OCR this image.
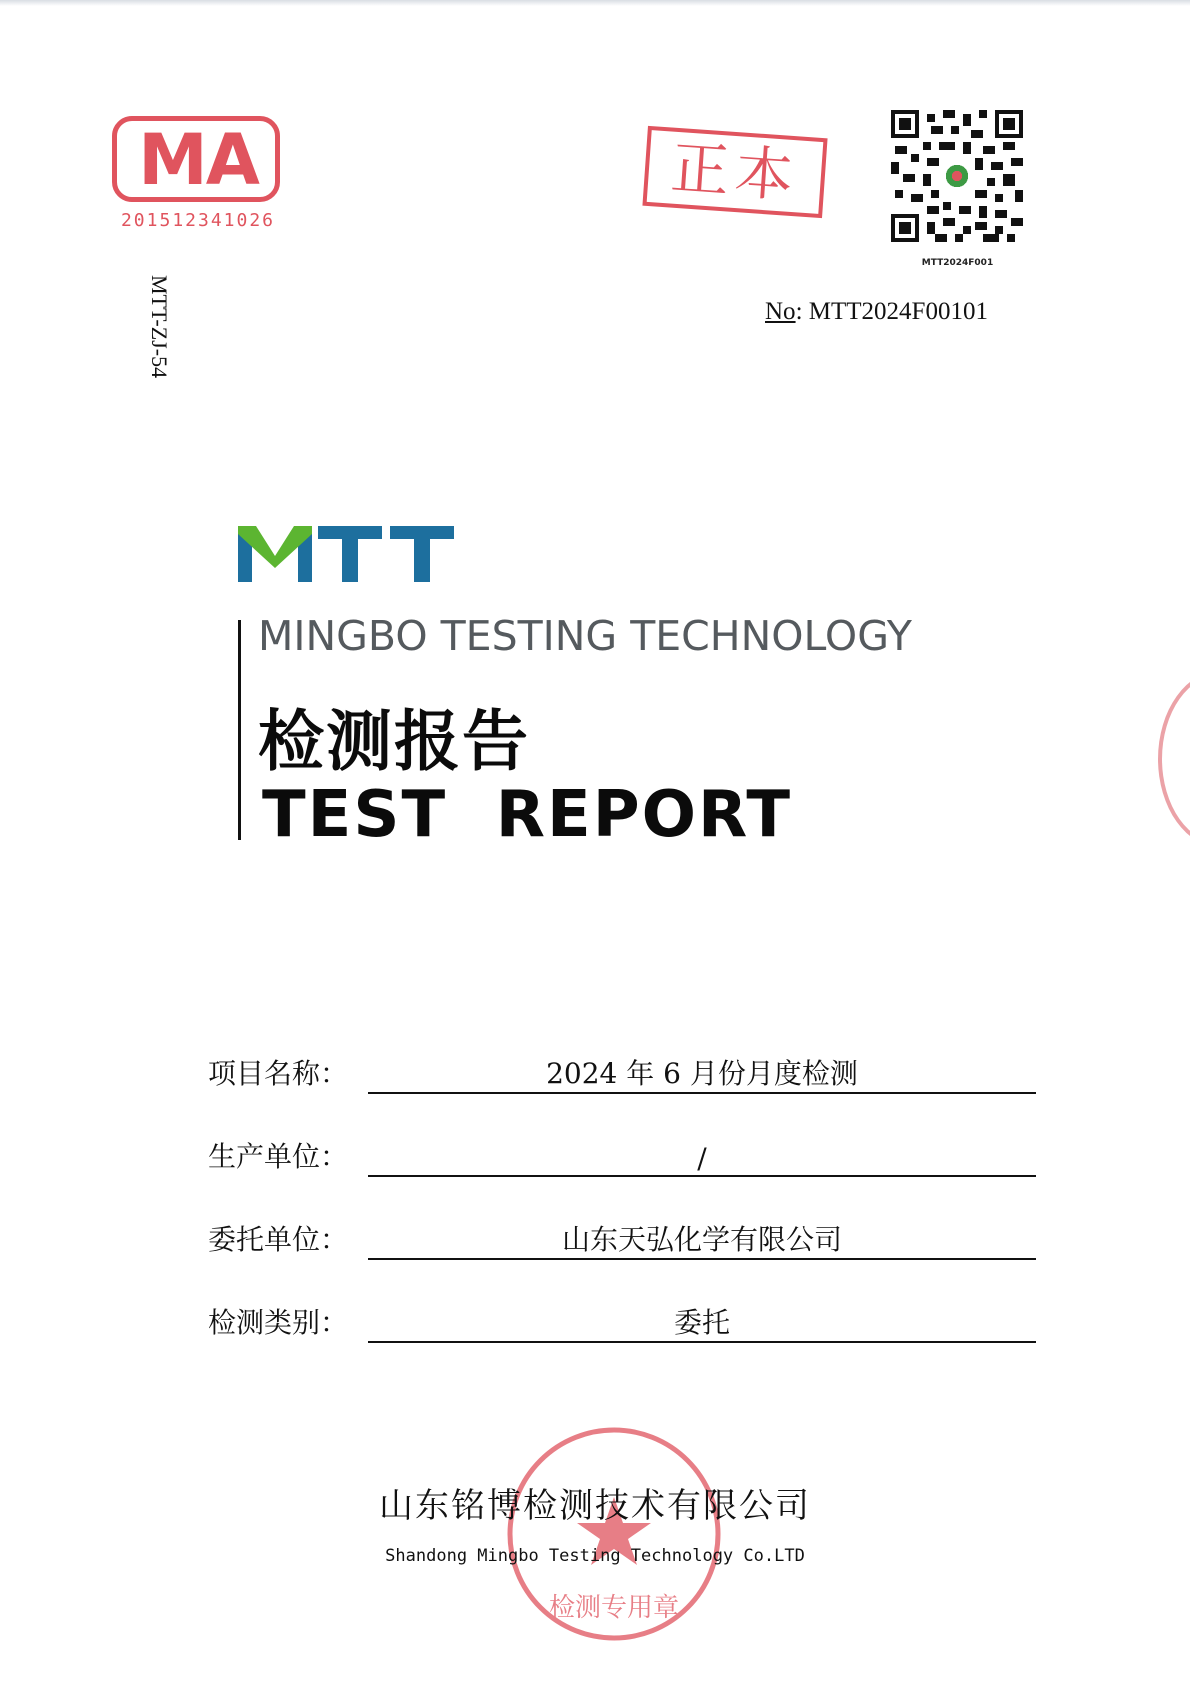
MA
201512341026
正本
MTT2024F001
No: MTT2024F00101
MTT-ZJ-54
MINGBO TESTING TECHNOLOGY
检测报告
TEST  REPORT
项目名称：	2024 年 6 月份月度检测
生产单位：	/
委托单位：	山东天弘化学有限公司
检测类别：	委托
检测专用章
山东铭博检测技术有限公司
Shandong Mingbo Testing Technology Co.LTD
